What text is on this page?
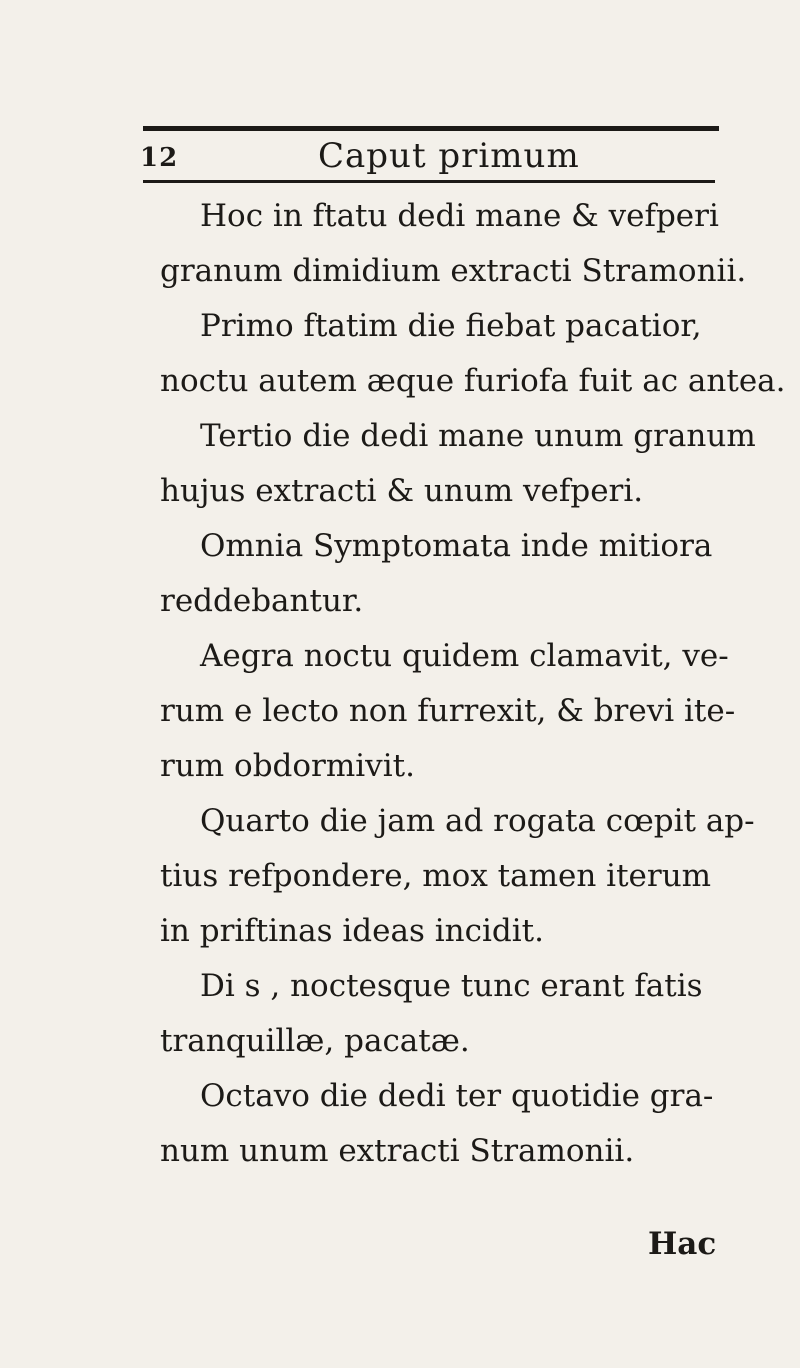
12	Caput primum
Hoc in ftatu dedi mane & vefperi
granum dimidium extracti Stramonii.
Primo ftatim die fiebat pacatior,
noctu autem æque furiofa fuit ac antea.
Tertio die dedi mane unum granum
hujus extracti & unum vefperi.
Omnia Symptomata inde mitiora
reddebantur.
Aegra noctu quidem clamavit, ve-
rum e lecto non furrexit, & brevi ite-
rum obdormivit.
Quarto die jam ad rogata cœpit ap-
tius refpondere, mox tamen iterum
in priftinas ideas incidit.
Di s , noctesque tunc erant fatis
tranquillæ, pacatæ.
Octavo die dedi ter quotidie gra-
num unum extracti Stramonii.
Hac
